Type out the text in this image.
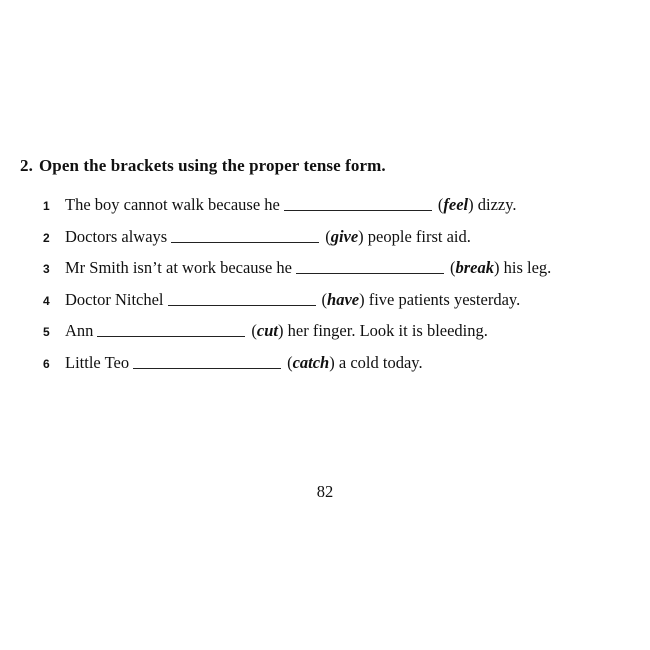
2. Open the brackets using the proper tense form.
1 The boy cannot walk because he	(feel) dizzy.
2 Doctors always	(give) people first aid.
3 Mr Smith isn’t at work because he	(break) his leg.
4 Doctor Nitchel	(have) five patients yesterday.
5 Ann	(cut) her finger. Look it is bleeding.
6 Little Teo	(catch) a cold today.
82
